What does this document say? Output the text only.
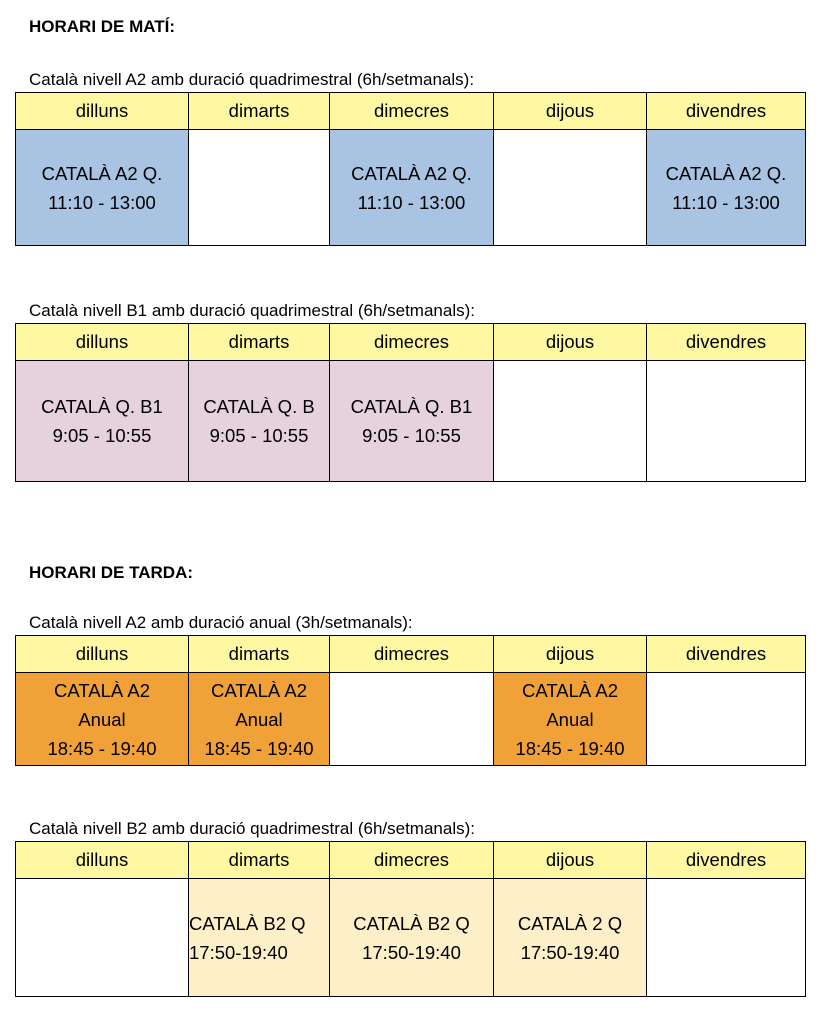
HORARI DE MATÍ:

Català nivell A2 amb duració quadrimestral (6h/setmanals):

dilluns	dimarts	dimecres	dijous	divendres

CATALÀ A2 Q.
11:10 - 13:00		CATALÀ A2 Q.
11:10 - 13:00		CATALÀ A2 Q.
11:10 - 13:00

Català nivell B1 amb duració quadrimestral (6h/setmanals):

dilluns	dimarts	dimecres	dijous	divendres

CATALÀ Q. B1
9:05 - 10:55	CATALÀ Q. B
9:05 - 10:55	CATALÀ Q. B1
9:05 - 10:55		

HORARI DE TARDA:

Català nivell A2 amb duració anual (3h/setmanals):

dilluns	dimarts	dimecres	dijous	divendres

CATALÀ A2
Anual
18:45 - 19:40	CATALÀ A2
Anual
18:45 - 19:40		CATALÀ A2
Anual
18:45 - 19:40	

Català nivell B2 amb duració quadrimestral (6h/setmanals):

dilluns	dimarts	dimecres	dijous	divendres

	CATALÀ B2 Q
17:50-19:40	CATALÀ B2 Q
17:50-19:40	CATALÀ 2 Q
17:50-19:40	
